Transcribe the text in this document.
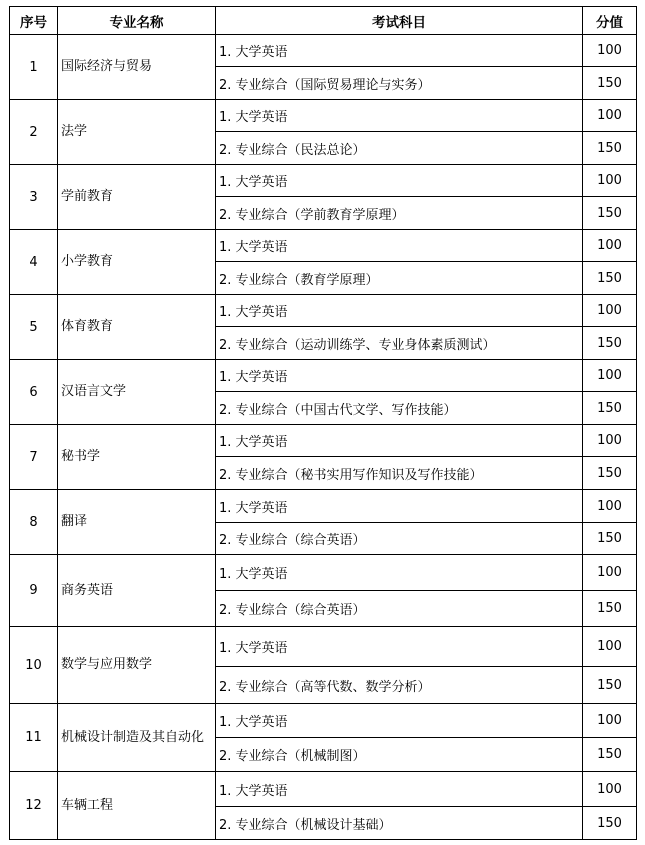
序号	专业名称	考试科目	分值
1	国际经济与贸易	1. 大学英语	100
		2. 专业综合（国际贸易理论与实务）	150
2	法学	1. 大学英语	100
		2. 专业综合（民法总论）	150
3	学前教育	1. 大学英语	100
		2. 专业综合（学前教育学原理）	150
4	小学教育	1. 大学英语	100
		2. 专业综合（教育学原理）	150
5	体育教育	1. 大学英语	100
		2. 专业综合（运动训练学、专业身体素质测试）	150
6	汉语言文学	1. 大学英语	100
		2. 专业综合（中国古代文学、写作技能）	150
7	秘书学	1. 大学英语	100
		2. 专业综合（秘书实用写作知识及写作技能）	150
8	翻译	1. 大学英语	100
		2. 专业综合（综合英语）	150
9	商务英语	1. 大学英语	100
		2. 专业综合（综合英语）	150
10	数学与应用数学	1. 大学英语	100
		2. 专业综合（高等代数、数学分析）	150
11	机械设计制造及其自动化	1. 大学英语	100
		2. 专业综合（机械制图）	150
12	车辆工程	1. 大学英语	100
		2. 专业综合（机械设计基础）	150
